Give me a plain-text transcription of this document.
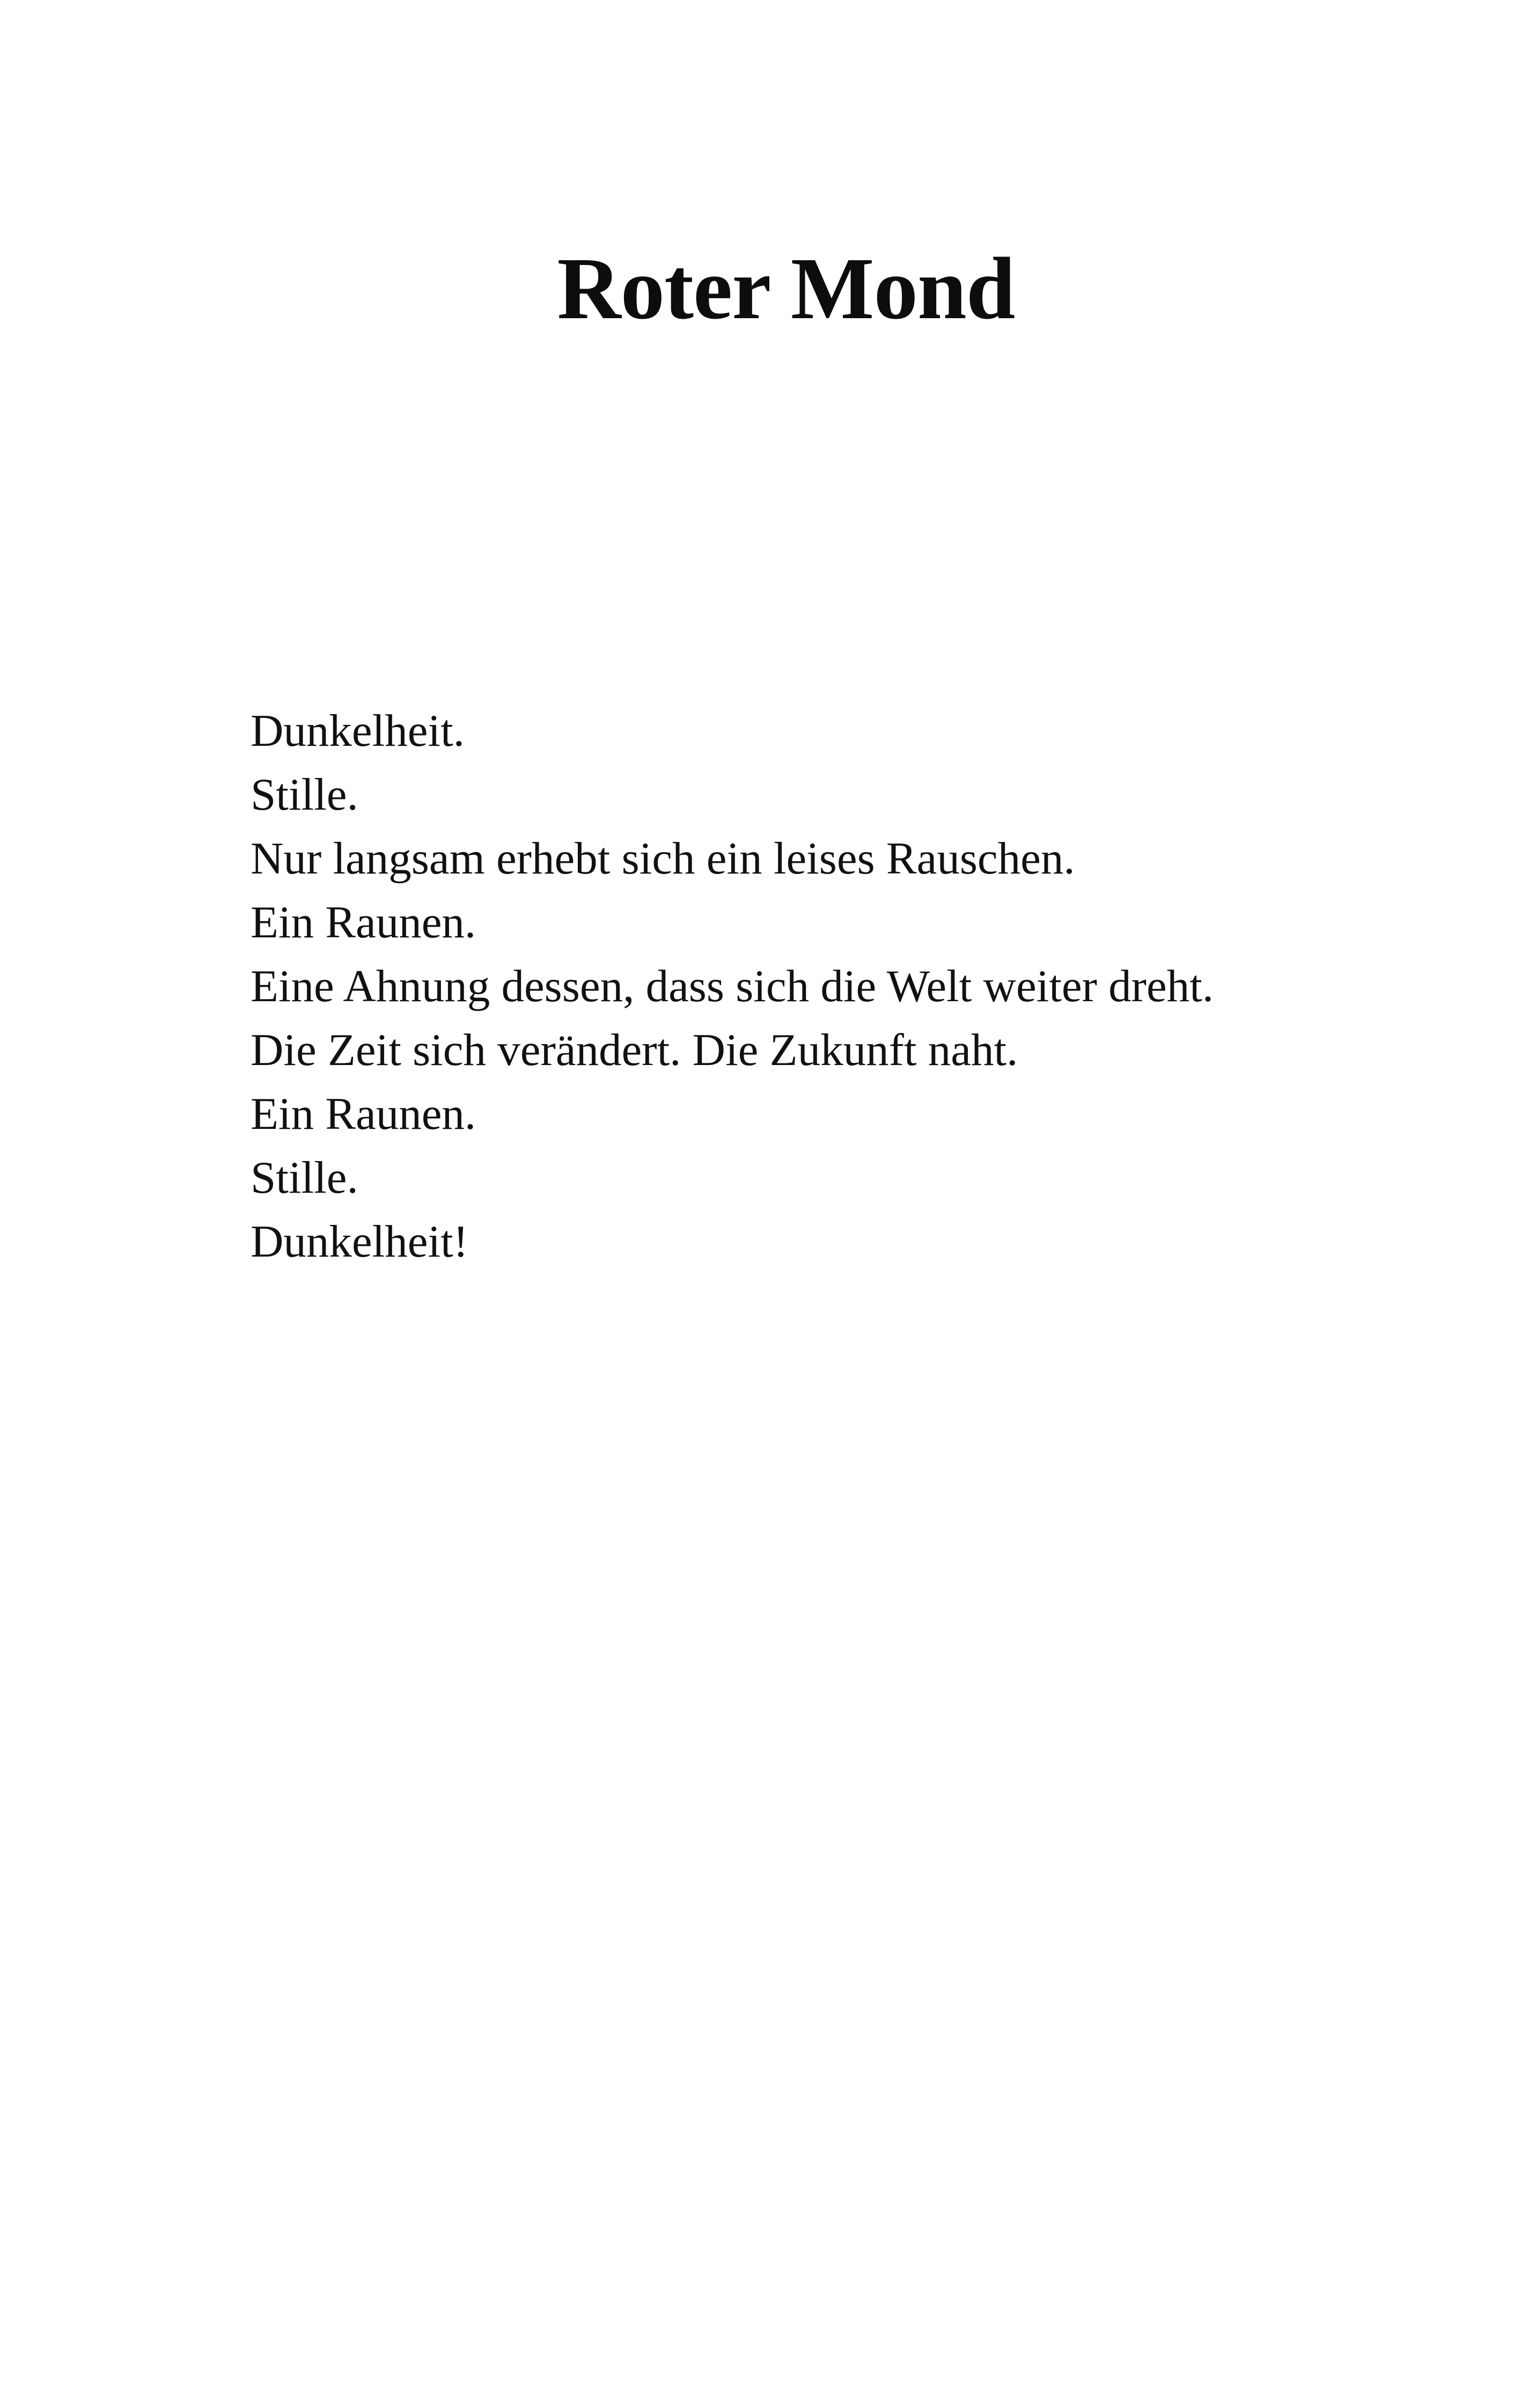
Roter Mond
Dunkelheit.
Stille.
Nur langsam erhebt sich ein leises Rauschen.
Ein Raunen.
Eine Ahnung dessen, dass sich die Welt weiter dreht.
Die Zeit sich verändert. Die Zukunft naht.
Ein Raunen.
Stille.
Dunkelheit!
